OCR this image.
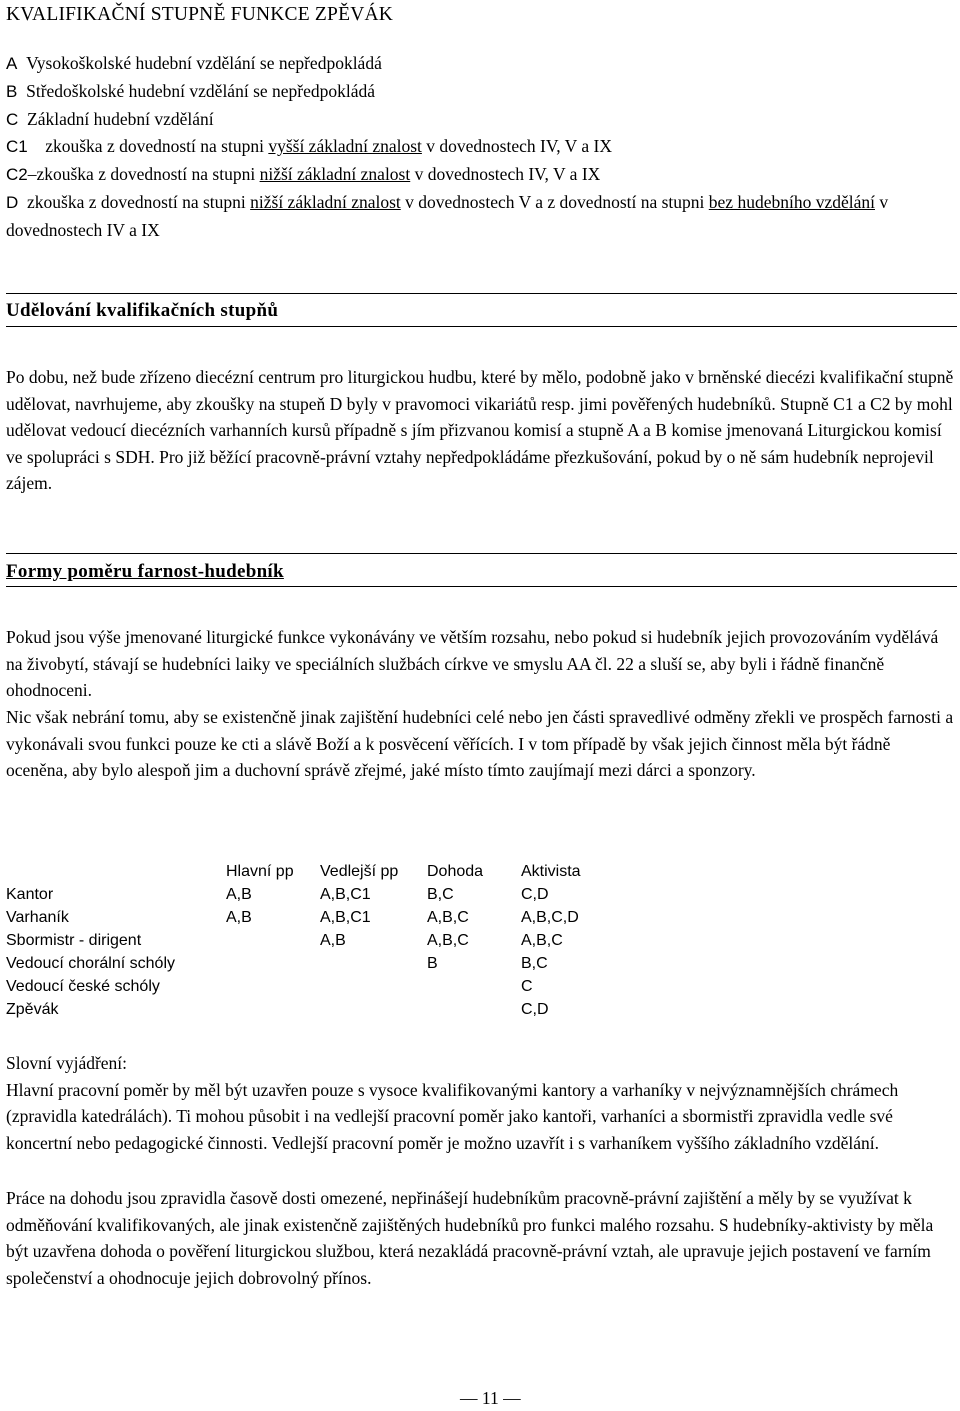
KVALIFIKAČNÍ STUPNĚ FUNKCE ZPĚVÁK
A Vysokoškolské hudební vzdělání se nepředpokládá
B Středoškolské hudební vzdělání se nepředpokládá
C Základní hudební vzdělání
C1 zkouška z dovedností na stupni vyšší základní znalost v dovednostech IV, V a IX
C2–zkouška z dovedností na stupni nižší základní znalost v dovednostech IV, V a IX
D zkouška z dovedností na stupni nižší základní znalost v dovednostech V a z dovedností na stupni bez hudebního vzdělání v dovednostech IV a IX
Udělování kvalifikačních stupňů
Po dobu, než bude zřízeno diecézní centrum pro liturgickou hudbu, které by mělo, podobně jako v brněnské diecézi kvalifikační stupně udělovat, navrhujeme, aby zkoušky na stupeň D byly v pravomoci vikariátů resp. jimi pověřených hudebníků. Stupně C1 a C2 by mohl udělovat vedoucí diecézních varhanních kursů případně s jím přizvanou komisí a stupně A a B komise jmenovaná Liturgickou komisí ve spolupráci s SDH. Pro již běžící pracovně-právní vztahy nepředpokládáme přezkušování, pokud by o ně sám hudebník neprojevil zájem.
Formy poměru farnost-hudebník
Pokud jsou výše jmenované liturgické funkce vykonávány ve větším rozsahu, nebo pokud si hudebník jejich provozováním vydělává na živobytí, stávají se hudebníci laiky ve speciálních službách církve ve smyslu AA čl. 22 a sluší se, aby byli i řádně finančně ohodnoceni.
Nic však nebrání tomu, aby se existenčně jinak zajištění hudebníci celé nebo jen části spravedlivé odměny zřekli ve prospěch farnosti a vykonávali svou funkci pouze ke cti a slávě Boží a k posvěcení věřících. I v tom případě by však jejich činnost měla být řádně oceněna, aby bylo alespoň jim a duchovní správě zřejmé, jaké místo tímto zaujímají mezi dárci a sponzory.
	Hlavní pp	Vedlejší pp	Dohoda	Aktivista
Kantor	A,B	A,B,C1	B,C	C,D
Varhaník	A,B	A,B,C1	A,B,C	A,B,C,D
Sbormistr - dirigent		A,B	A,B,C	A,B,C
Vedoucí chorální schóly			B	B,C
Vedoucí české schóly				C
Zpěvák				C,D
Slovní vyjádření:
Hlavní pracovní poměr by měl být uzavřen pouze s vysoce kvalifikovanými kantory a varhaníky v nejvýznamnějších chrámech (zpravidla katedrálách). Ti mohou působit i na vedlejší pracovní poměr jako kantoři, varhaníci a sbormistři zpravidla vedle své koncertní nebo pedagogické činnosti. Vedlejší pracovní poměr je možno uzavřít i s varhaníkem vyššího základního vzdělání.
Práce na dohodu jsou zpravidla časově dosti omezené, nepřinášejí hudebníkům pracovně-právní zajištění a měly by se využívat k odměňování kvalifikovaných, ale jinak existenčně zajištěných hudebníků pro funkci malého rozsahu. S hudebníky-aktivisty by měla být uzavřena dohoda o pověření liturgickou službou, která nezakládá pracovně-právní vztah, ale upravuje jejich postavení ve farním společenství a ohodnocuje jejich dobrovolný přínos.
— 11 —
